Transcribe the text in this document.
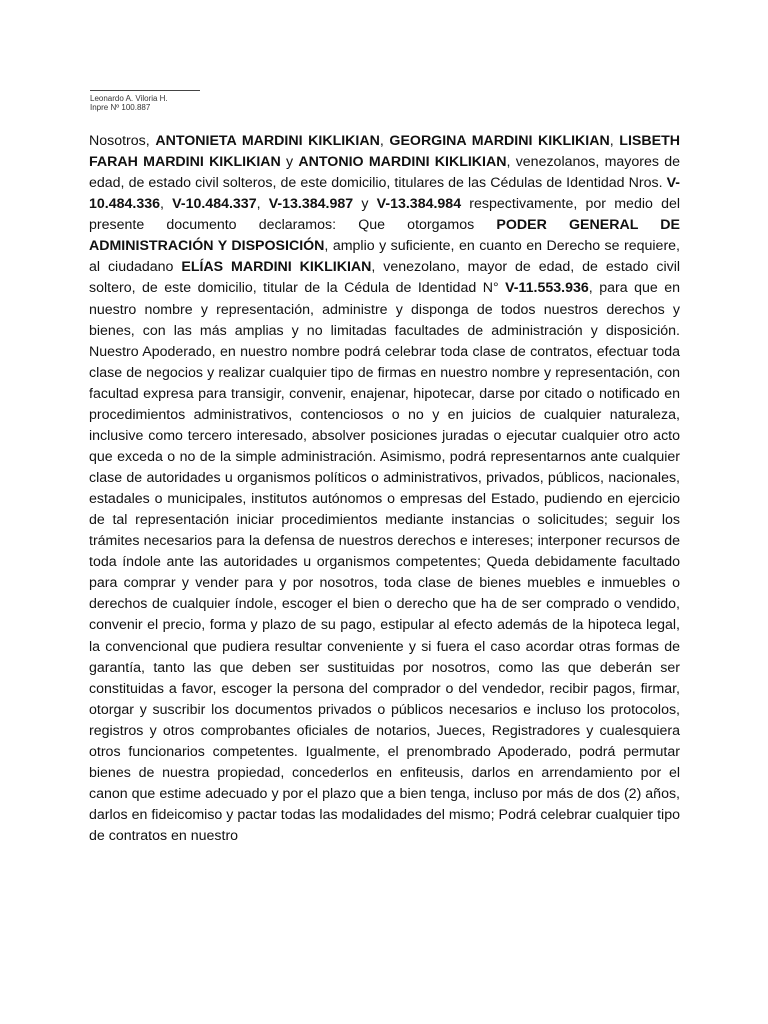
Leonardo A. Viloria H.
Inpre Nº 100.887

Nosotros, ANTONIETA MARDINI KIKLIKIAN, GEORGINA MARDINI KIKLIKIAN, LISBETH FARAH MARDINI KIKLIKIAN y ANTONIO MARDINI KIKLIKIAN, venezolanos, mayores de edad, de estado civil solteros, de este domicilio, titulares de las Cédulas de Identidad Nros. V-10.484.336, V-10.484.337, V-13.384.987 y V-13.384.984 respectivamente, por medio del presente documento declaramos: Que otorgamos PODER GENERAL DE ADMINISTRACIÓN Y DISPOSICIÓN, amplio y suficiente, en cuanto en Derecho se requiere, al ciudadano ELÍAS MARDINI KIKLIKIAN, venezolano, mayor de edad, de estado civil soltero, de este domicilio, titular de la Cédula de Identidad N° V-11.553.936, para que en nuestro nombre y representación, administre y disponga de todos nuestros derechos y bienes, con las más amplias y no limitadas facultades de administración y disposición. Nuestro Apoderado, en nuestro nombre podrá celebrar toda clase de contratos, efectuar toda clase de negocios y realizar cualquier tipo de firmas en nuestro nombre y representación, con facultad expresa para transigir, convenir, enajenar, hipotecar, darse por citado o notificado en procedimientos administrativos, contenciosos o no y en juicios de cualquier naturaleza, inclusive como tercero interesado, absolver posiciones juradas o ejecutar cualquier otro acto que exceda o no de la simple administración. Asimismo, podrá representarnos ante cualquier clase de autoridades u organismos políticos o administrativos, privados, públicos, nacionales, estadales o municipales, institutos autónomos o empresas del Estado, pudiendo en ejercicio de tal representación iniciar procedimientos mediante instancias o solicitudes; seguir los trámites necesarios para la defensa de nuestros derechos e intereses; interponer recursos de toda índole ante las autoridades u organismos competentes; Queda debidamente facultado para comprar y vender para y por nosotros, toda clase de bienes muebles e inmuebles o derechos de cualquier índole, escoger el bien o derecho que ha de ser comprado o vendido, convenir el precio, forma y plazo de su pago, estipular al efecto además de la hipoteca legal, la convencional que pudiera resultar conveniente y si fuera el caso acordar otras formas de garantía, tanto las que deben ser sustituidas por nosotros, como las que deberán ser constituidas a favor, escoger la persona del comprador o del vendedor, recibir pagos, firmar, otorgar y suscribir los documentos privados o públicos necesarios e incluso los protocolos, registros y otros comprobantes oficiales de notarios, Jueces, Registradores y cualesquiera otros funcionarios competentes. Igualmente, el prenombrado Apoderado, podrá permutar bienes de nuestra propiedad, concederlos en enfiteusis, darlos en arrendamiento por el canon que estime adecuado y por el plazo que a bien tenga, incluso por más de dos (2) años, darlos en fideicomiso y pactar todas las modalidades del mismo; Podrá celebrar cualquier tipo de contratos en nuestro
